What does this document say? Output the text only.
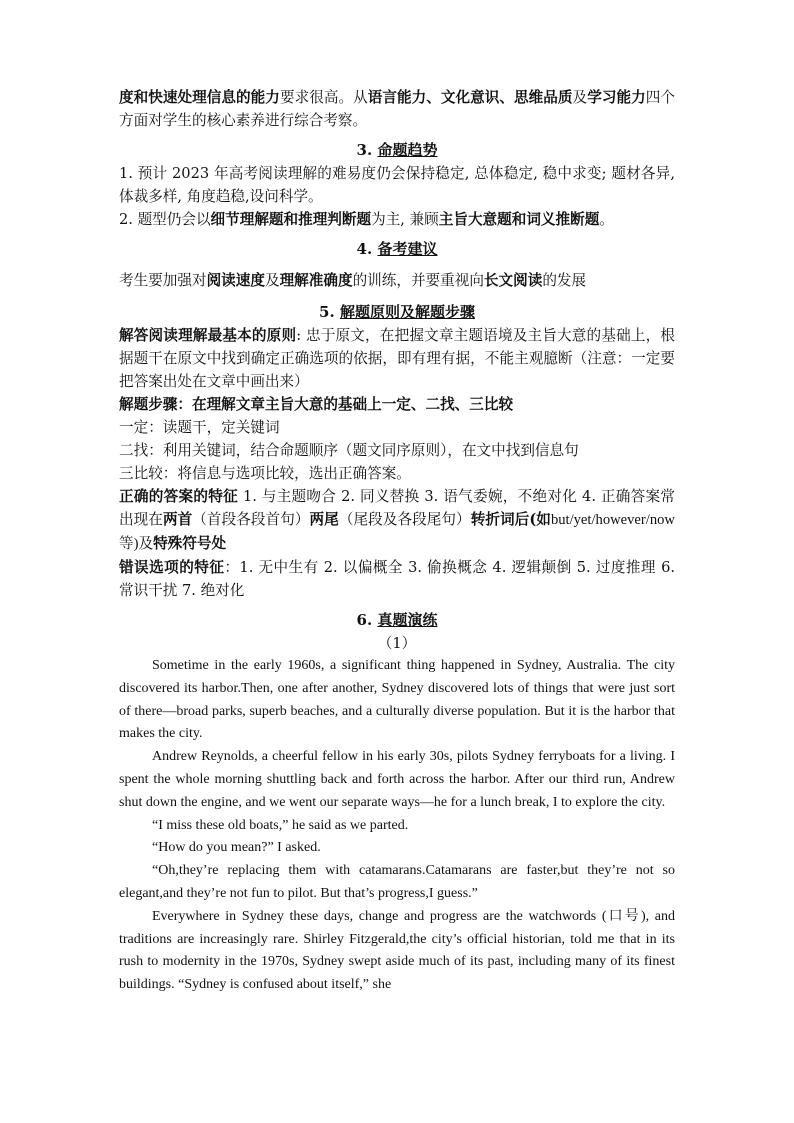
度和快速处理信息的能力要求很高。从语言能力、文化意识、思维品质及学习能力四个方面对学生的核心素养进行综合考察。

3. 命题趋势

1. 预计 2023 年高考阅读理解的难易度仍会保持稳定, 总体稳定, 稳中求变; 题材各异, 体裁多样, 角度趋稳,设问科学。

2. 题型仍会以细节理解题和推理判断题为主, 兼顾主旨大意题和词义推断题。

4. 备考建议

考生要加强对阅读速度及理解准确度的训练，并要重视向长文阅读的发展

5. 解题原则及解题步骤

解答阅读理解最基本的原则: 忠于原文，在把握文章主题语境及主旨大意的基础上，根据题干在原文中找到确定正确选项的依据，即有理有据，不能主观臆断（注意：一定要把答案出处在文章中画出来）

解题步骤：在理解文章主旨大意的基础上一定、二找、三比较

一定：读题干，定关键词

二找：利用关键词，结合命题顺序（题文同序原则），在文中找到信息句

三比较：将信息与选项比较，选出正确答案。

正确的答案的特征 1. 与主题吻合 2. 同义替换 3. 语气委婉，不绝对化 4. 正确答案常出现在两首（首段各段首句）两尾（尾段及各段尾句）转折词后(如but/yet/however/now　等)及特殊符号处

错误选项的特征：1. 无中生有 2. 以偏概全 3. 偷换概念 4. 逻辑颠倒 5. 过度推理 6. 常识干扰 7. 绝对化

6. 真题演练

（1）

Sometime in the early 1960s, a significant thing happened in Sydney, Australia. The city discovered its harbor.Then, one after another, Sydney discovered lots of things that were just sort of there—broad parks, superb beaches, and a culturally diverse population. But it is the harbor that makes the city.

Andrew Reynolds, a cheerful fellow in his early 30s, pilots Sydney ferryboats for a living. I spent the whole morning shuttling back and forth across the harbor. After our third run, Andrew shut down the engine, and we went our separate ways—he for a lunch break, I to explore the city.

“I miss these old boats,” he said as we parted.

“How do you mean?” I asked.

“Oh,they’re replacing them with catamarans.Catamarans are faster,but they’re not so elegant,and they’re not fun to pilot. But that’s progress,I guess.”

Everywhere in Sydney these days, change and progress are the watchwords (口号), and traditions are increasingly rare. Shirley Fitzgerald,the city’s official historian, told me that in its rush to modernity in the 1970s, Sydney swept aside much of its past, including many of its finest buildings. “Sydney is confused about itself,” she
